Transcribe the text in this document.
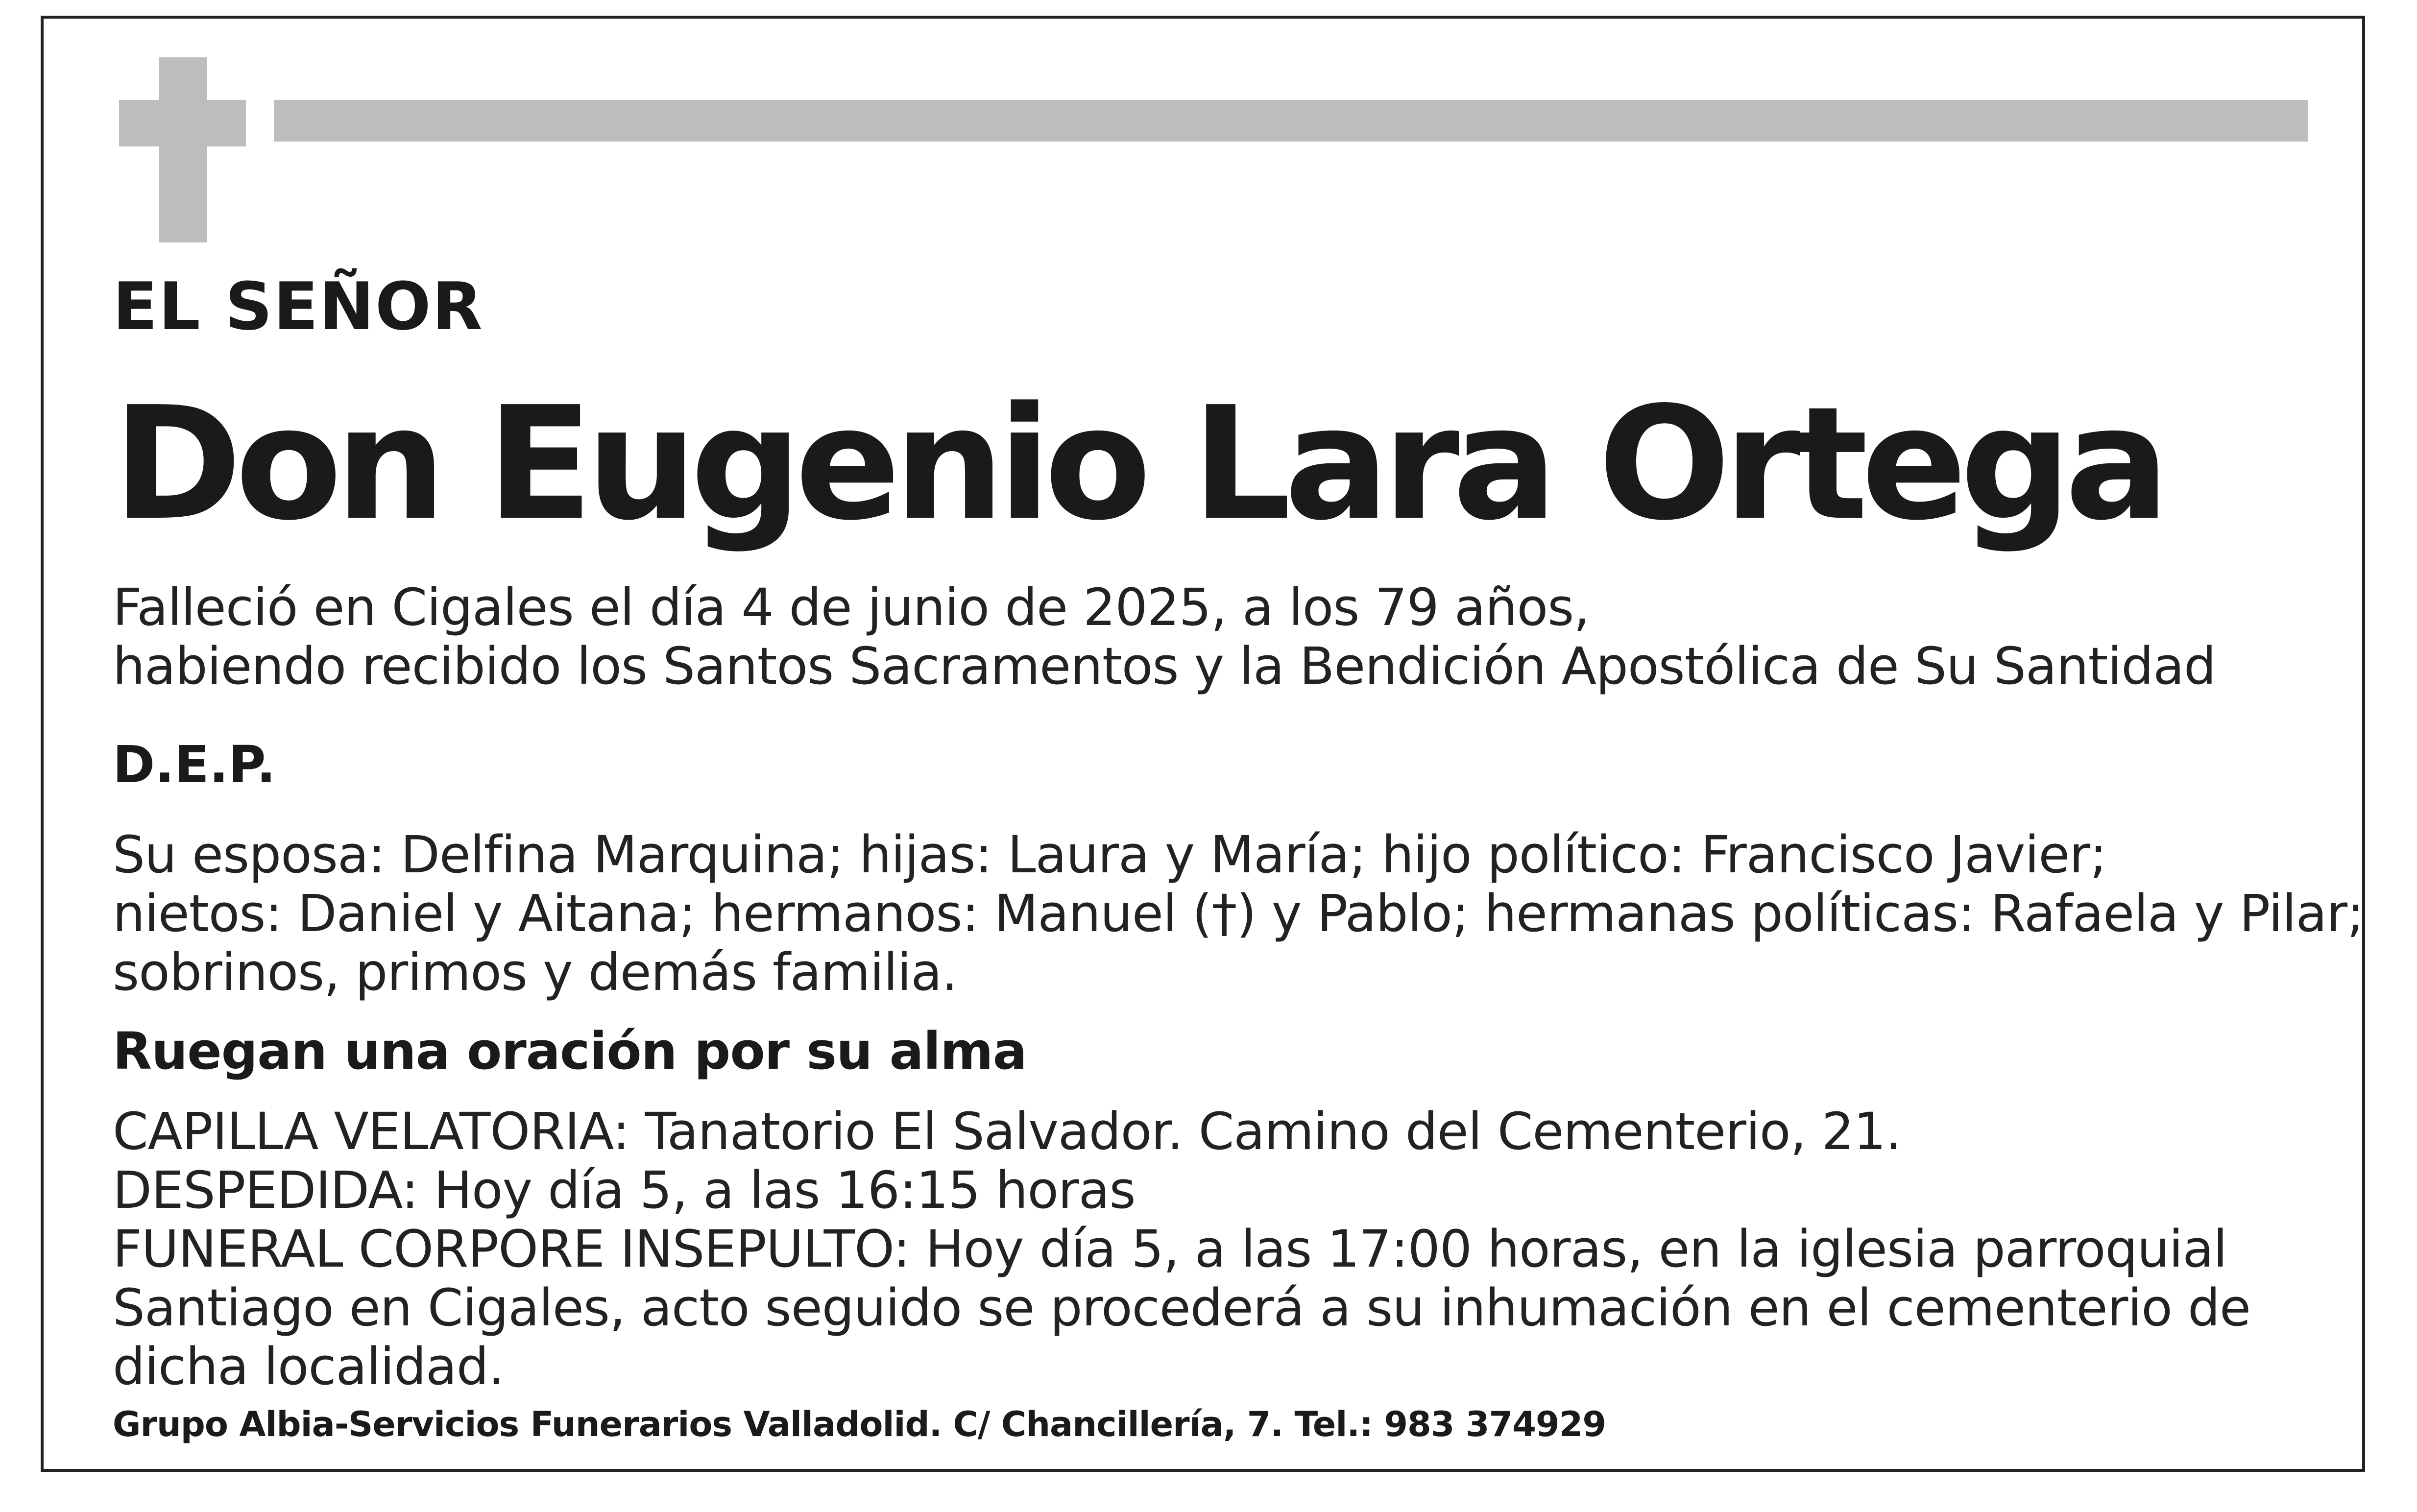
EL SEÑOR
Don Eugenio Lara Ortega
Falleció en Cigales el día 4 de junio de 2025, a los 79 años,
habiendo recibido los Santos Sacramentos y la Bendición Apostólica de Su Santidad
D.E.P.
Su esposa: Delfina Marquina; hijas: Laura y María; hijo político: Francisco Javier;
nietos: Daniel y Aitana; hermanos: Manuel (†) y Pablo; hermanas políticas: Rafaela y Pilar;
sobrinos, primos y demás familia.
Ruegan una oración por su alma
CAPILLA VELATORIA: Tanatorio El Salvador. Camino del Cementerio, 21.
DESPEDIDA: Hoy día 5, a las 16:15 horas
FUNERAL CORPORE INSEPULTO: Hoy día 5, a las 17:00 horas, en la iglesia parroquial
Santiago en Cigales, acto seguido se procederá a su inhumación en el cementerio de
dicha localidad.
Grupo Albia-Servicios Funerarios Valladolid. C/ Chancillería, 7. Tel.: 983 374929
